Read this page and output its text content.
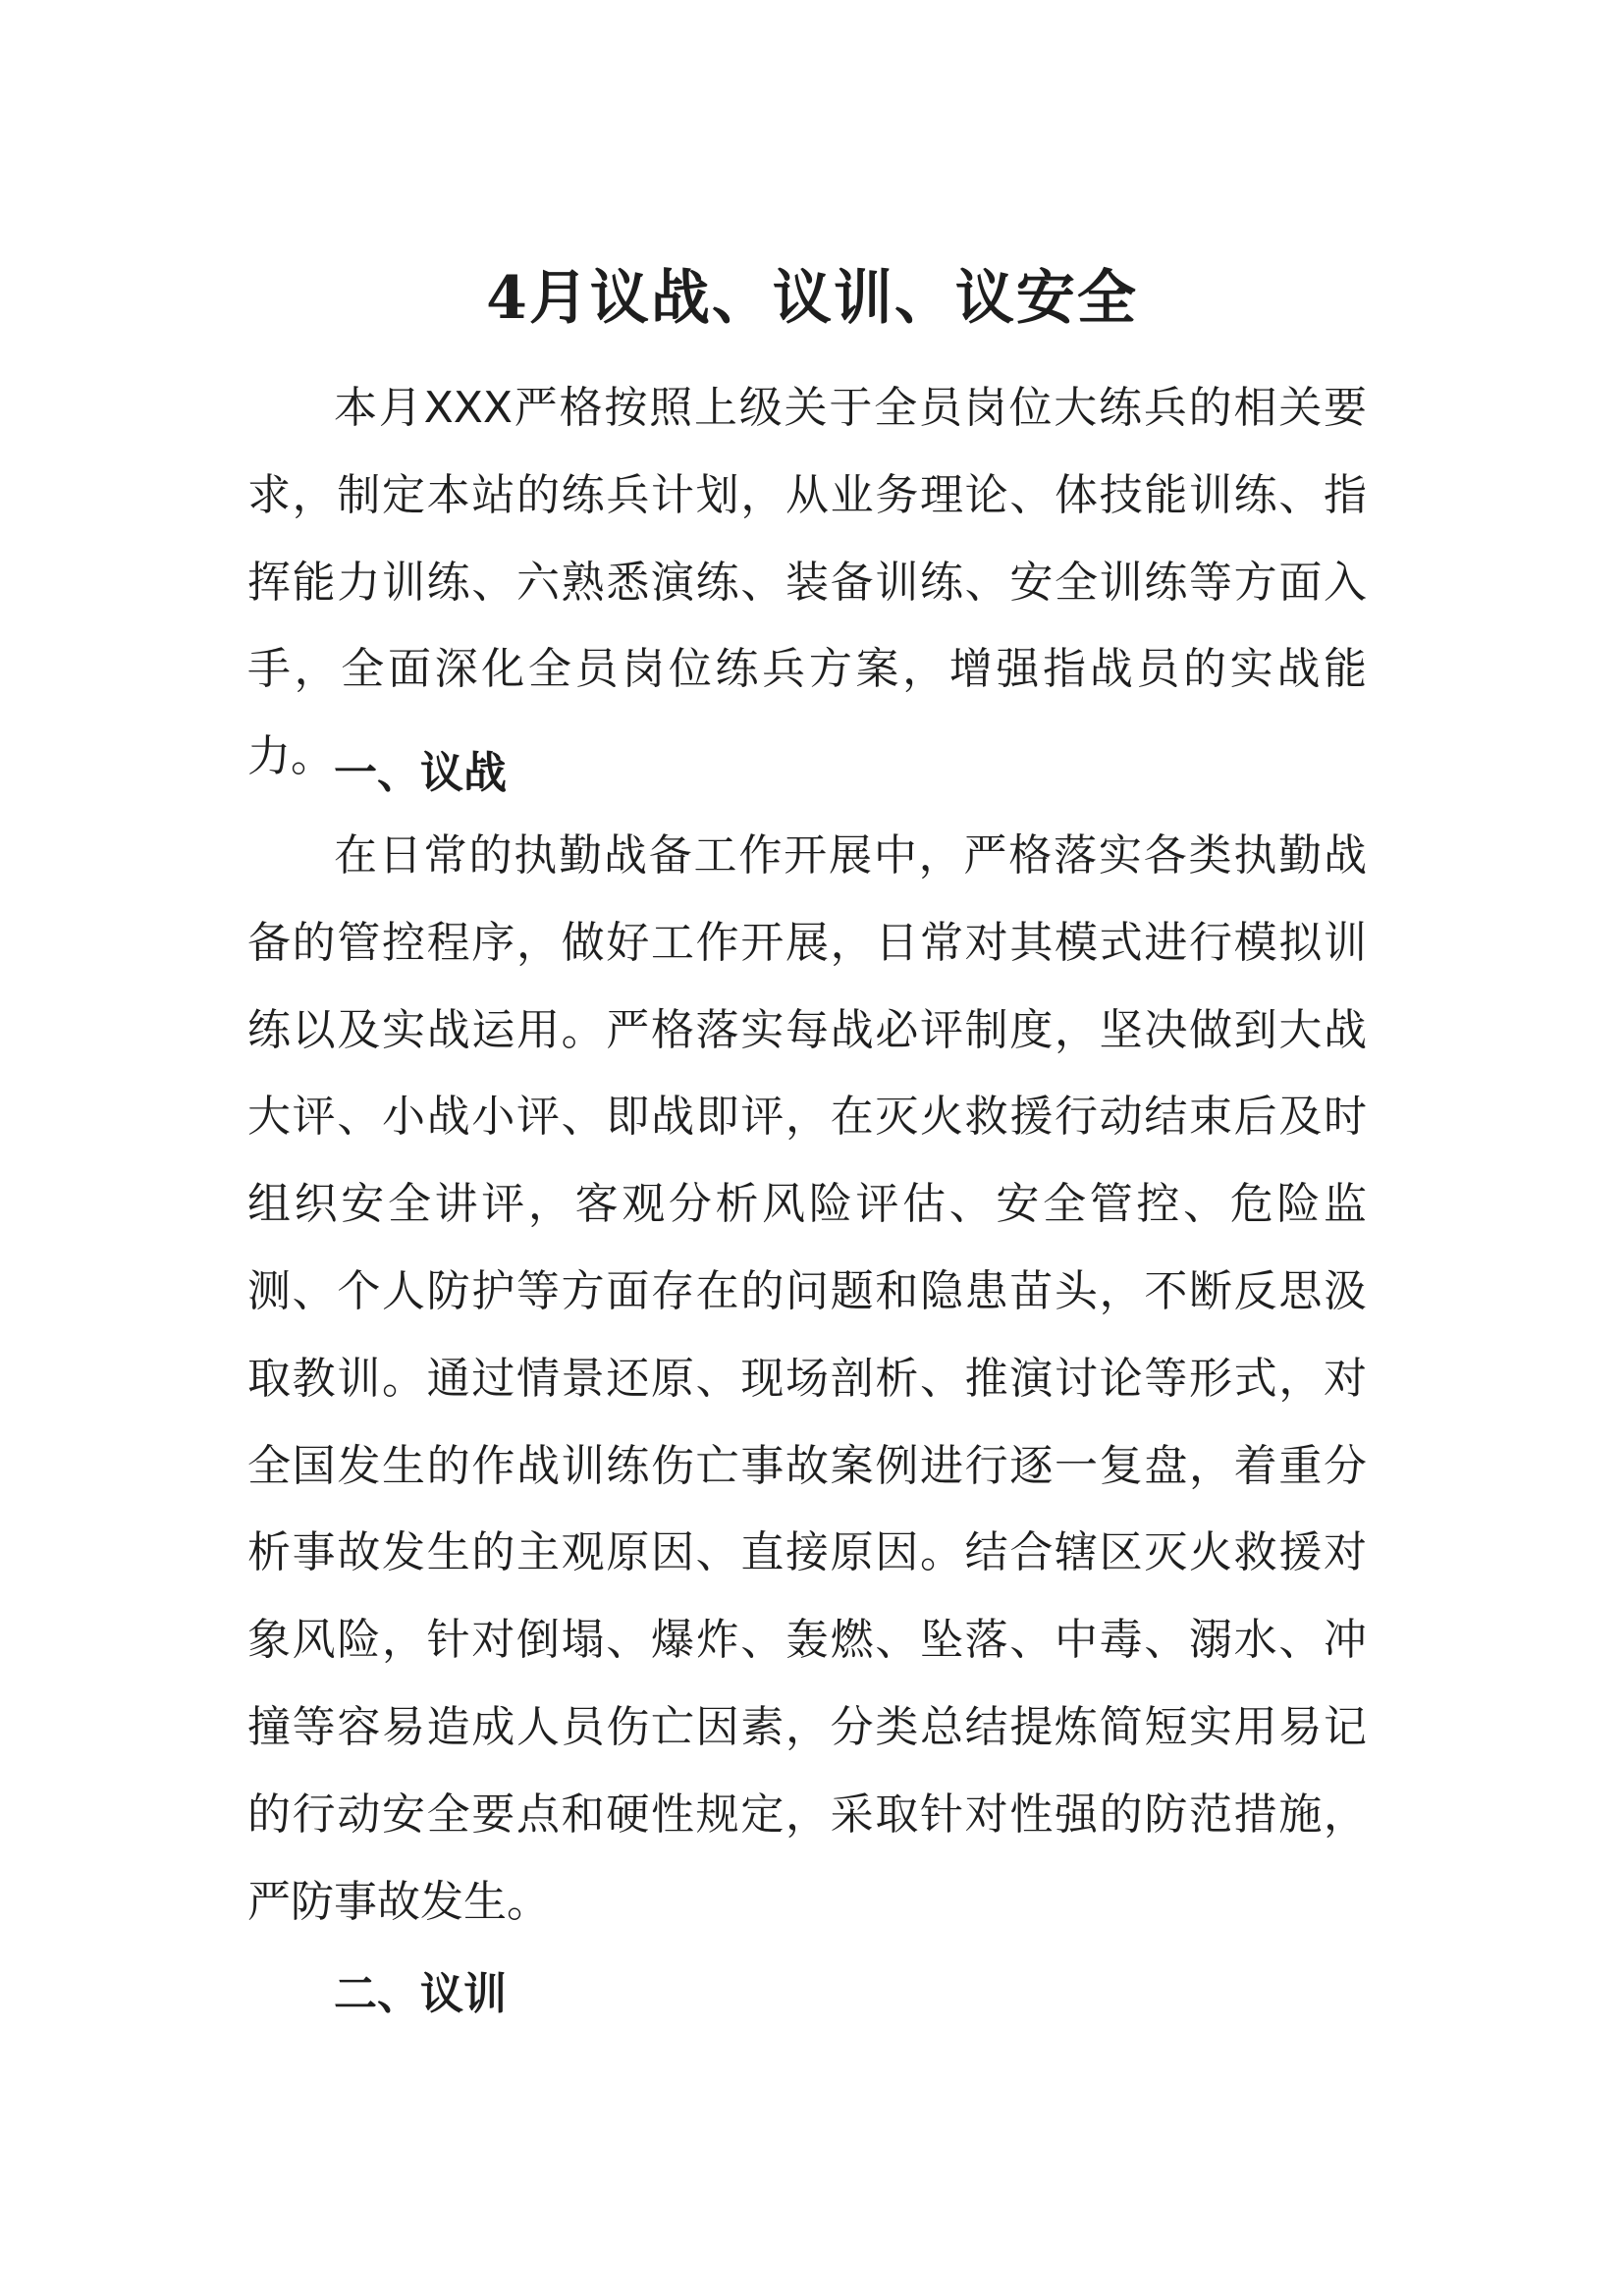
4月议战、议训、议安全

本月XXX严格按照上级关于全员岗位大练兵的相关要求，制定本站的练兵计划，从业务理论、体技能训练、指挥能力训练、六熟悉演练、装备训练、安全训练等方面入手，全面深化全员岗位练兵方案，增强指战员的实战能力。 一、议战

在日常的执勤战备工作开展中，严格落实各类执勤战备的管控程序，做好工作开展，日常对其模式进行模拟训练以及实战运用。严格落实每战必评制度，坚决做到大战大评、小战小评、即战即评，在灭火救援行动结束后及时组织安全讲评，客观分析风险评估、安全管控、危险监测、个人防护等方面存在的问题和隐患苗头，不断反思汲取教训。通过情景还原、现场剖析、推演讨论等形式，对全国发生的作战训练伤亡事故案例进行逐一复盘，着重分析事故发生的主观原因、直接原因。结合辖区灭火救援对象风险，针对倒塌、爆炸、轰燃、坠落、中毒、溺水、冲撞等容易造成人员伤亡因素，分类总结提炼简短实用易记的行动安全要点和硬性规定，采取针对性强的防范措施，严防事故发生。

二、议训
